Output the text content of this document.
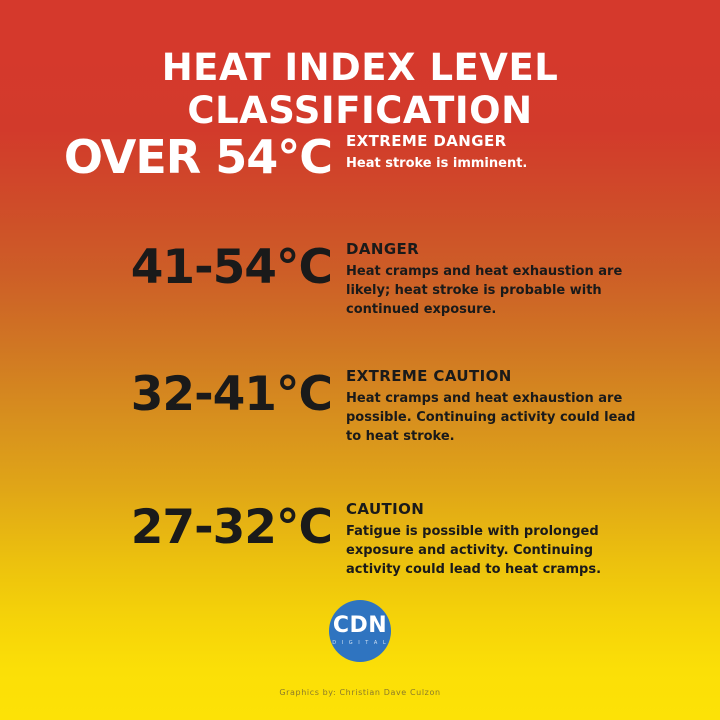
HEAT INDEX LEVEL CLASSIFICATION
OVER 54°C EXTREME DANGER
Heat stroke is imminent.
41-54°C DANGER
Heat cramps and heat exhaustion are likely; heat stroke is probable with continued exposure.
32-41°C EXTREME CAUTION
Heat cramps and heat exhaustion are possible. Continuing activity could lead to heat stroke.
27-32°C CAUTION
Fatigue is possible with prolonged exposure and activity. Continuing activity could lead to heat cramps.
CDN
D I G I T A L
Graphics by: Christian Dave Culzon
